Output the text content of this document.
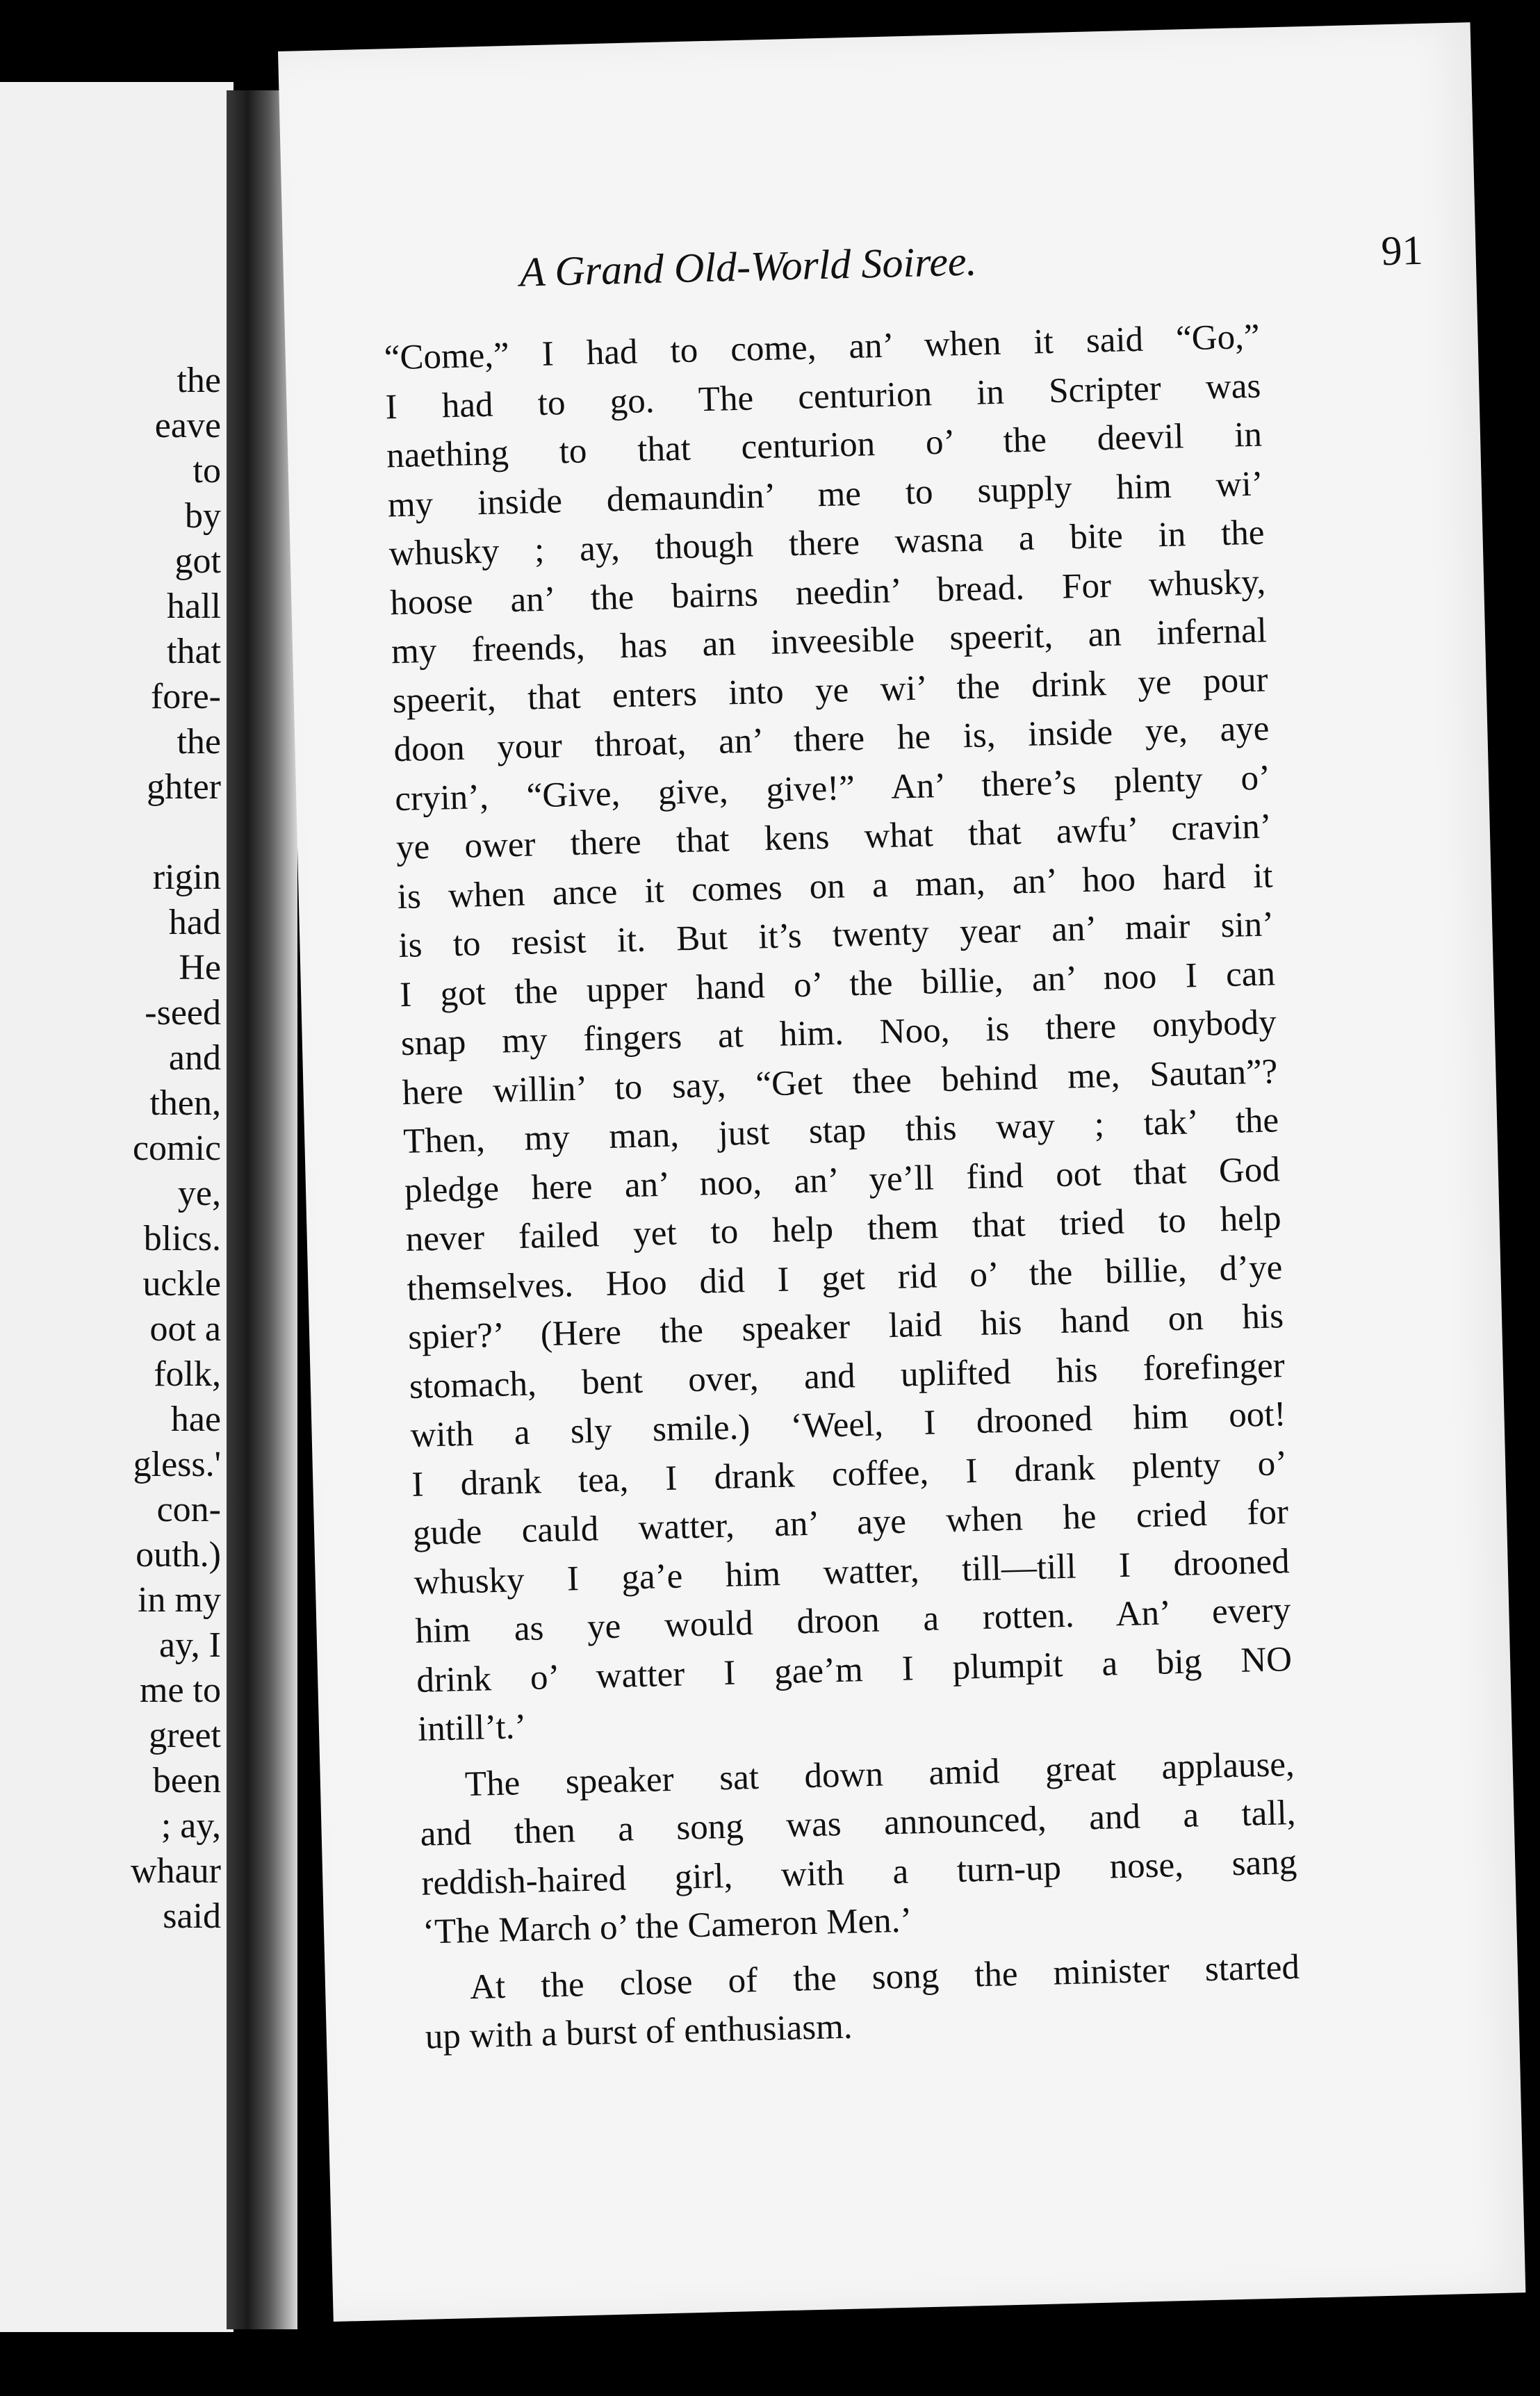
the
eave
to
by
got
hall
that
fore-
the
ghter
rigin
had
He
-seed
and
then,
comic
ye,
blics.
uckle
oot a
folk,
hae
gless.'
con-
outh.)
in my
ay, I
me to
greet
been
; ay,
whaur
said
A Grand Old-World Soiree.	91
“Come,” I had to come, an’ when it said “Go,”
I had to go. The centurion in Scripter was
naething to that centurion o’ the deevil in
my inside demaundin’ me to supply him wi’
whusky ; ay, though there wasna a bite in the
hoose an’ the bairns needin’ bread. For whusky,
my freends, has an inveesible speerit, an infernal
speerit, that enters into ye wi’ the drink ye pour
doon your throat, an’ there he is, inside ye, aye
cryin’, “Give, give, give!” An’ there’s plenty o’
ye ower there that kens what that awfu’ cravin’
is when ance it comes on a man, an’ hoo hard it
is to resist it. But it’s twenty year an’ mair sin’
I got the upper hand o’ the billie, an’ noo I can
snap my fingers at him. Noo, is there onybody
here willin’ to say, “Get thee behind me, Sautan”?
Then, my man, just stap this way ; tak’ the
pledge here an’ noo, an’ ye’ll find oot that God
never failed yet to help them that tried to help
themselves. Hoo did I get rid o’ the billie, d’ye
spier?’ (Here the speaker laid his hand on his
stomach, bent over, and uplifted his forefinger
with a sly smile.) ‘Weel, I drooned him oot!
I drank tea, I drank coffee, I drank plenty o’
gude cauld watter, an’ aye when he cried for
whusky I ga’e him watter, till—till I drooned
him as ye would droon a rotten. An’ every
drink o’ watter I gae’m I plumpit a big NO
intill’t.’
The speaker sat down amid great applause,
and then a song was announced, and a tall,
reddish-haired girl, with a turn-up nose, sang
‘The March o’ the Cameron Men.’
At the close of the song the minister started
up with a burst of enthusiasm.
